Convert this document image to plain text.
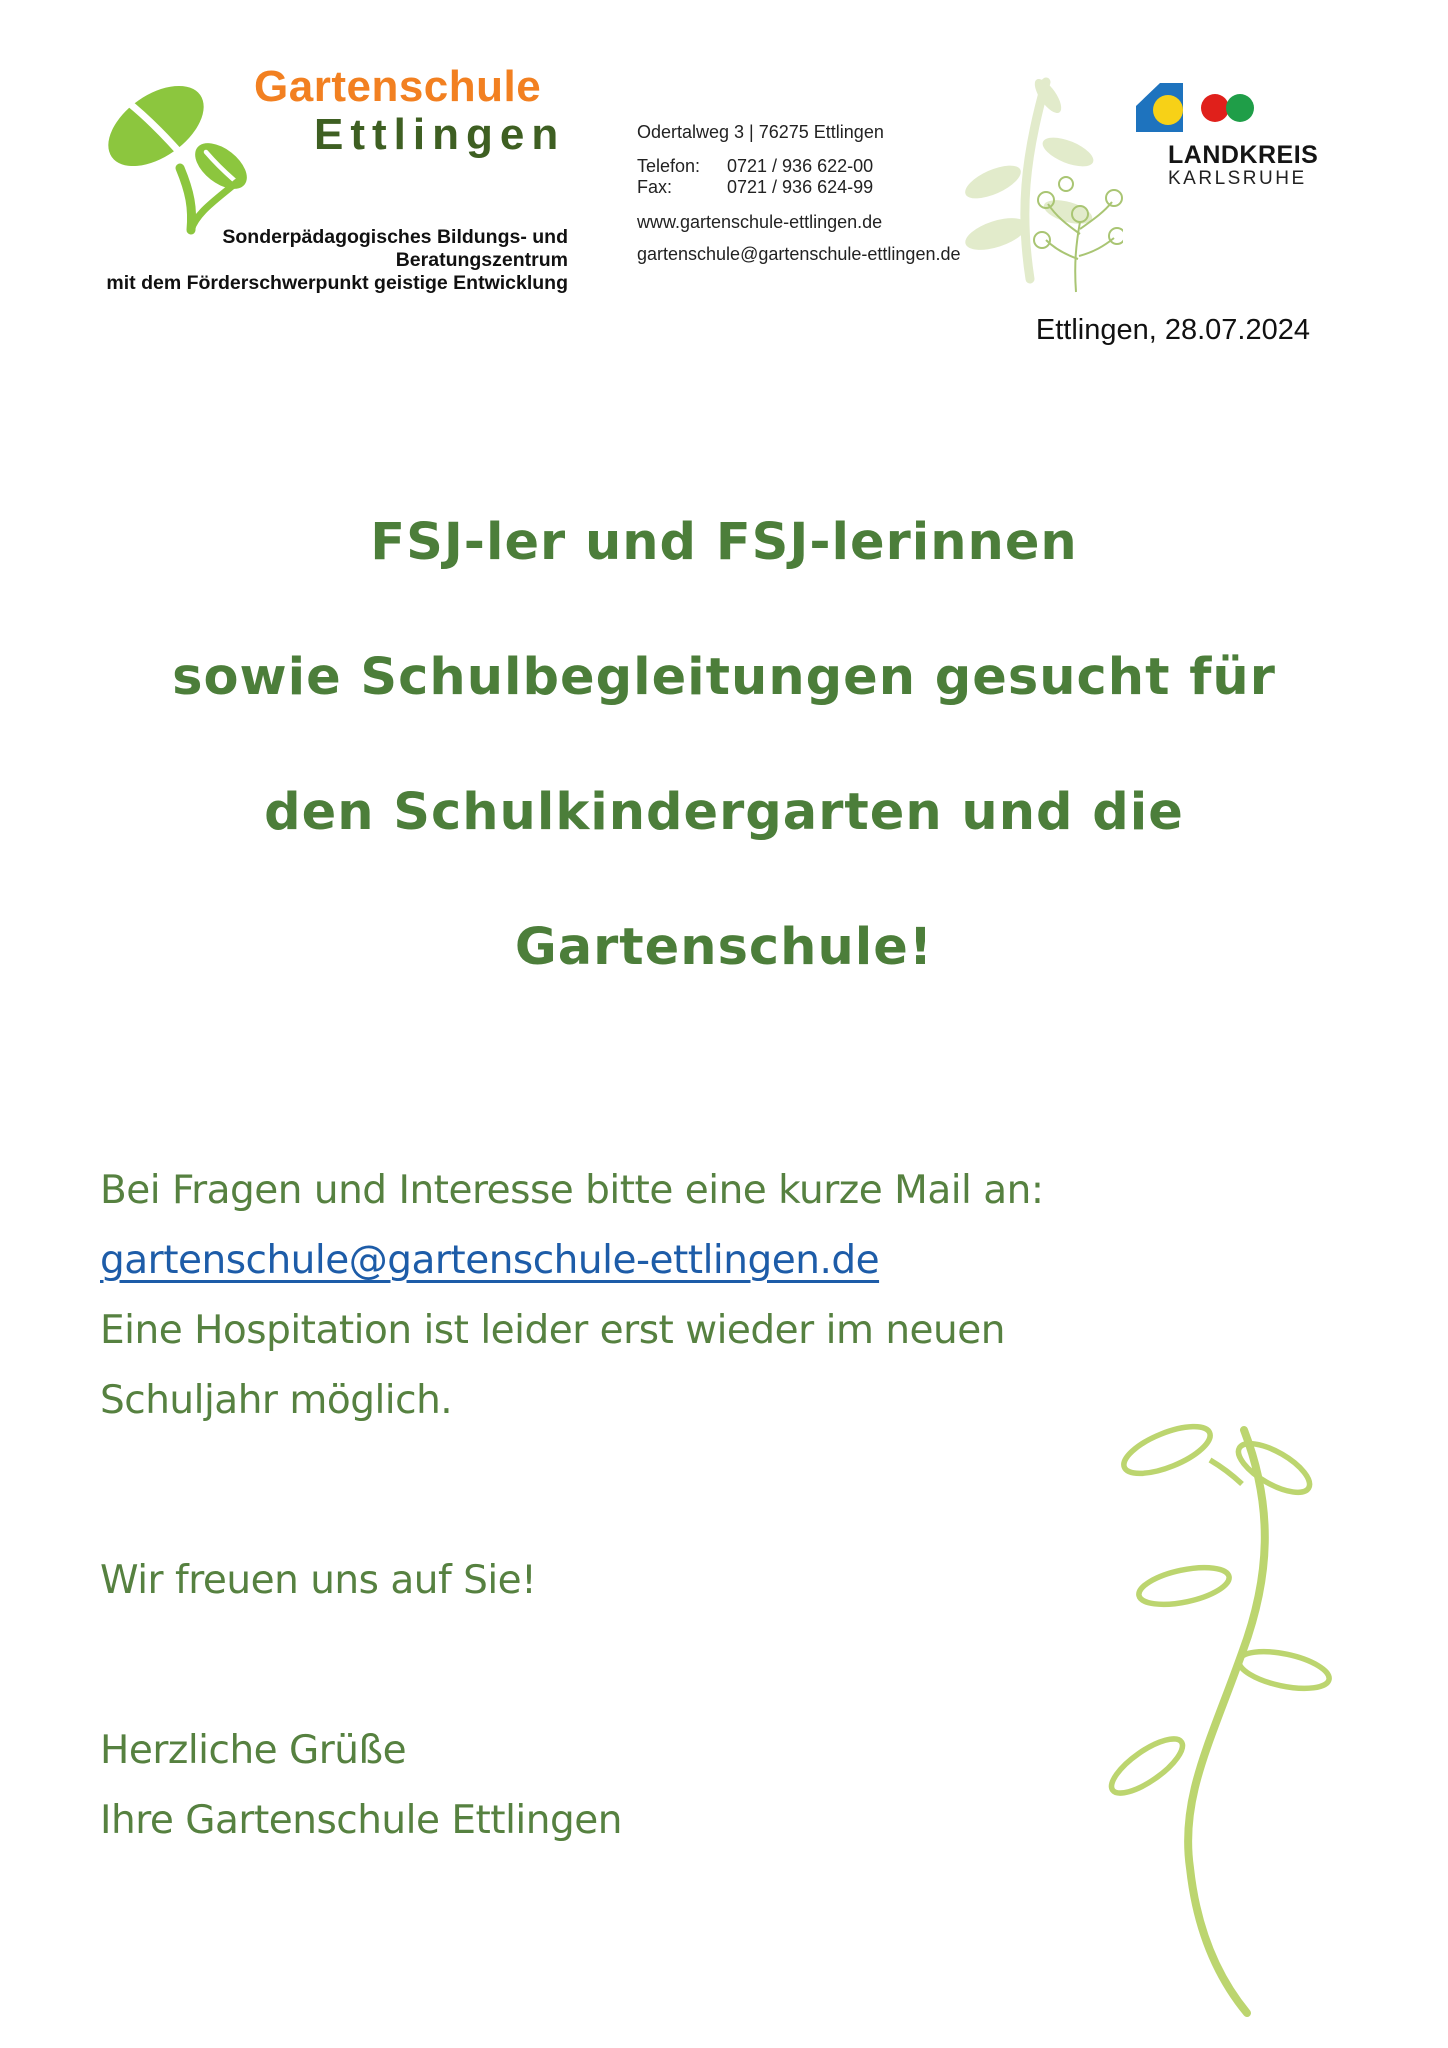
Gartenschule
Ettlingen
Sonderpädagogisches Bildungs- und Beratungszentrum
mit dem Förderschwerpunkt geistige Entwicklung
Odertalweg 3 | 76275 Ettlingen
Telefon:	0721 / 936 622-00
Fax:	0721 / 936 624-99
www.gartenschule-ettlingen.de
gartenschule@gartenschule-ettlingen.de
LANDKREIS
KARLSRUHE
Ettlingen, 28.07.2024
FSJ-ler und FSJ-lerinnen
sowie Schulbegleitungen gesucht für
den Schulkindergarten und die
Gartenschule!
Bei Fragen und Interesse bitte eine kurze Mail an:
gartenschule@gartenschule-ettlingen.de
Eine Hospitation ist leider erst wieder im neuen
Schuljahr möglich.
Wir freuen uns auf Sie!
Herzliche Grüße
Ihre Gartenschule Ettlingen
